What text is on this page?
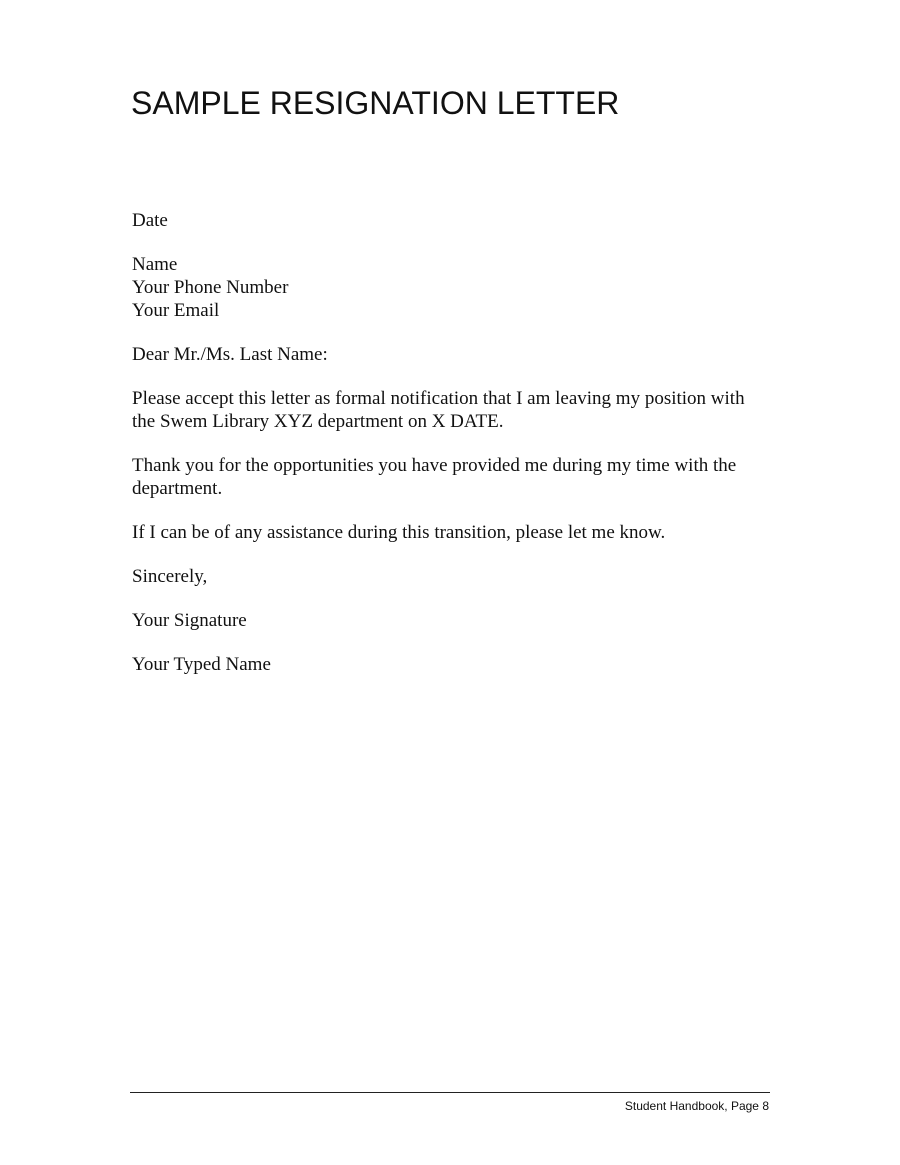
SAMPLE RESIGNATION LETTER

Date

Name
Your Phone Number
Your Email

Dear Mr./Ms. Last Name:

Please accept this letter as formal notification that I am leaving my position with the Swem Library XYZ department on X DATE.

Thank you for the opportunities you have provided me during my time with the department.

If I can be of any assistance during this transition, please let me know.

Sincerely,

Your Signature

Your Typed Name

Student Handbook, Page 8
